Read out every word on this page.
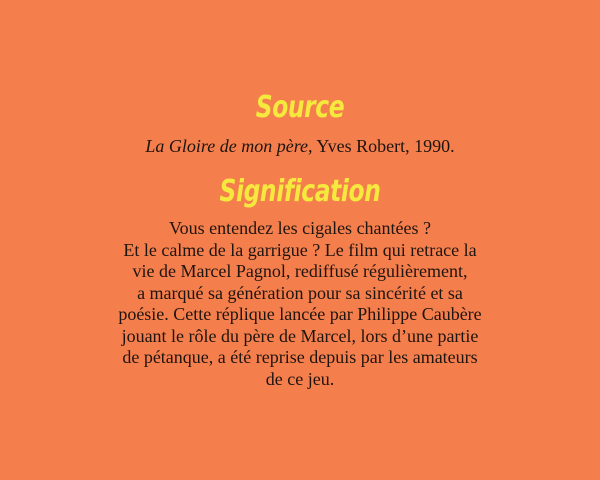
Source
La Gloire de mon père, Yves Robert, 1990.
Signification
Vous entendez les cigales chantées ?
Et le calme de la garrigue ? Le film qui retrace la
vie de Marcel Pagnol, rediffusé régulièrement,
a marqué sa génération pour sa sincérité et sa
poésie. Cette réplique lancée par Philippe Caubère
jouant le rôle du père de Marcel, lors d’une partie
de pétanque, a été reprise depuis par les amateurs
de ce jeu.
